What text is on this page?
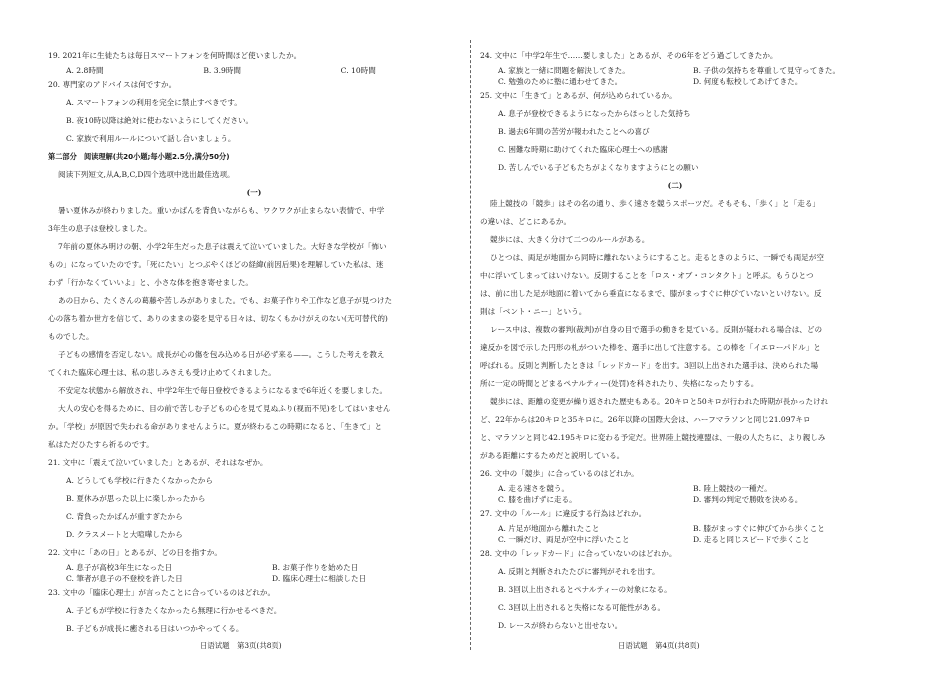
19. 2021年に生徒たちは毎日スマートフォンを何時間ほど使いましたか。
A. 2.8時間	B. 3.9時間	C. 10時間
20. 専門家のアドバイスは何ですか。
A. スマートフォンの利用を完全に禁止すべきです。
B. 夜10時以降は絶対に使わないようにしてください。
C. 家族で利用ルールについて話し合いましょう。
第二部分　阅读理解(共20小题;每小题2.5分,满分50分)
阅读下列短文,从A,B,C,D四个选项中选出最佳选项。
(一)
暑い夏休みが終わりました。重いかばんを背負いながらも、ワクワクが止まらない表情で、中学
3年生の息子は登校しました。
7年前の夏休み明けの朝、小学2年生だった息子は震えて泣いていました。大好きな学校が「怖い
もの」になっていたのです。「死にたい」とつぶやくほどの経緯(前因后果)を理解していた私は、迷
わず「行かなくていいよ」と、小さな体を抱き寄せました。
あの日から、たくさんの葛藤や苦しみがありました。でも、お菓子作りや工作など息子が見つけた
心の落ち着か世方を信じて、ありのままの姿を見守る日々は、切なくもかけがえのない(无可替代的)
ものでした。
子どもの感情を否定しない。成長が心の傷を包み込める日が必ず来る——。こうした考えを教え
てくれた臨床心理士は、私の悲しみさえも受け止めてくれました。
不安定な状態から解放され、中学2年生で毎日登校できるようになるまで6年近くを要しました。
大人の安心を得るために、目の前で苦しむ子どもの心を見て見ぬふり(视而不见)をしてはいません
か。「学校」が原因で失われる命がありませんように。夏が終わるこの時期になると、「生きて」と
私はただひたすら祈るのです。
21. 文中に「震えて泣いていました」とあるが、それはなぜか。
A. どうしても学校に行きたくなかったから
B. 夏休みが思った以上に楽しかったから
C. 背負ったかばんが重すぎたから
D. クラスメートと大喧嘩したから
22. 文中に「あの日」とあるが、どの日を指すか。
A. 息子が高校3年生になった日	B. お菓子作りを始めた日
C. 筆者が息子の不登校を許した日	D. 臨床心理士に相談した日
23. 文中の「臨床心理士」が言ったことに合っているのはどれか。
A. 子どもが学校に行きたくなかったら無理に行かせるべきだ。
B. 子どもが成長に癒される日はいつかやってくる。
24. 文中に「中学2年生で……要しました」とあるが、その6年をどう過ごしてきたか。
A. 家族と一緒に問題を解決してきた。	B. 子供の気持ちを尊重して見守ってきた。
C. 勉強のために塾に通わせてきた。	D. 何度も転校してあげてきた。
25. 文中に「生きて」とあるが、何が込められているか。
A. 息子が登校できるようになったからほっとした気持ち
B. 過去6年間の苦労が報われたことへの喜び
C. 困難な時期に助けてくれた臨床心理士への感謝
D. 苦しんでいる子どもたちがよくなりますようにとの願い
(二)
陸上競技の「競歩」はその名の通り、歩く速さを競うスポーツだ。そもそも、「歩く」と「走る」
の違いは、どこにあるか。
競歩には、大きく分けて二つのルールがある。
ひとつは、両足が地面から同時に離れないようにすること。走るときのように、一瞬でも両足が空
中に浮いてしまってはいけない。反則することを「ロス・オブ・コンタクト」と呼ぶ。もうひとつ
は、前に出した足が地面に着いてから垂直になるまで、膝がまっすぐに伸びていないといけない。反
則は「ベント・ニー」という。
レース中は、複数の審判(裁判)が自身の目で選手の動きを見ている。反則が疑われる場合は、どの
違反かを図で示した円形の札がついた棒を、選手に出して注意する。この棒を「イエローパドル」と
呼ばれる。反則と判断したときは「レッドカード」を出す。3回以上出された選手は、決められた場
所に一定の時間とどまるペナルティー(处罚)を科されたり、失格になったりする。
競歩には、距離の変更が繰り返された歴史もある。20キロと50キロが行われた時期が長かったけれ
ど、22年からは20キロと35キロに。26年以降の国際大会は、ハーフマラソンと同じ21.097キロ
と、マラソンと同じ42.195キロに変わる予定だ。世界陸上競技連盟は、一般の人たちに、より親しみ
がある距離にするためだと説明している。
26. 文中の「競歩」に合っているのはどれか。
A. 走る速さを競う。	B. 陸上競技の一種だ。
C. 膝を曲げずに走る。	D. 審判の判定で勝敗を決める。
27. 文中の「ルール」に違反する行為はどれか。
A. 片足が地面から離れたこと	B. 膝がまっすぐに伸びてから歩くこと
C. 一瞬だけ、両足が空中に浮いたこと	D. 走ると同じスピードで歩くこと
28. 文中の「レッドカード」に合っていないのはどれか。
A. 反則と判断されたたびに審判がそれを出す。
B. 3回以上出されるとペナルティーの対象になる。
C. 3回以上出されると失格になる可能性がある。
D. レースが終わらないと出せない。
日语试题　第3页(共8页)	日语试题　第4页(共8页)
